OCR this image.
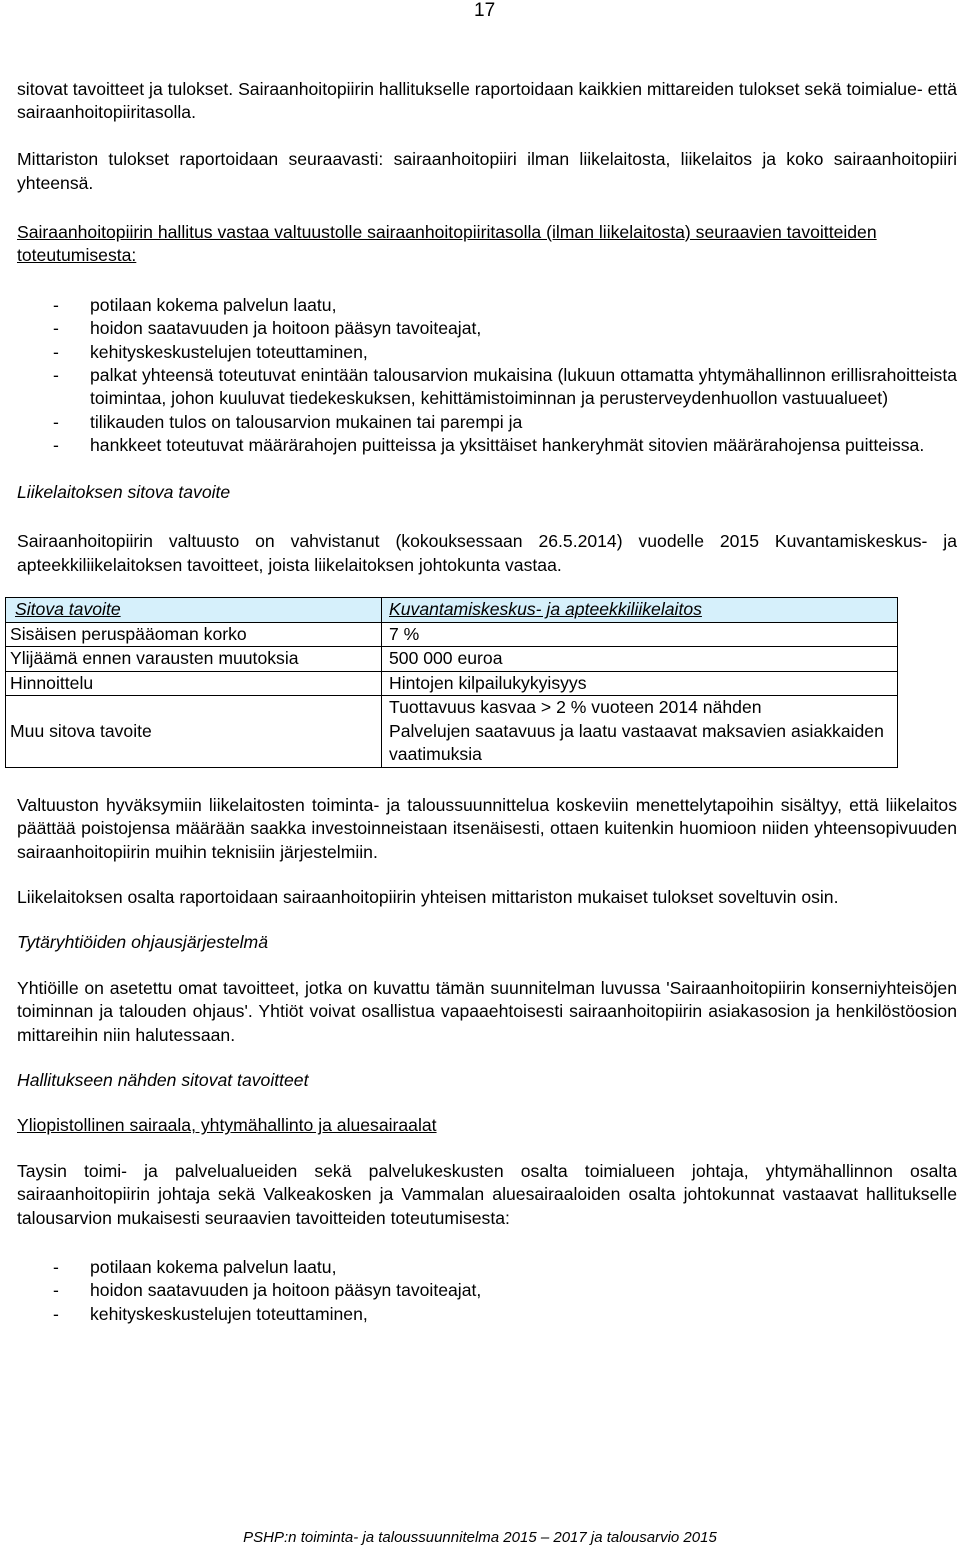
17

sitovat tavoitteet ja tulokset. Sairaanhoitopiirin hallitukselle raportoidaan kaikkien mittareiden tulokset sekä toimialue- että sairaanhoitopiiritasolla.

Mittariston tulokset raportoidaan seuraavasti: sairaanhoitopiiri ilman liikelaitosta, liikelaitos ja koko sairaanhoitopiiri yhteensä.

Sairaanhoitopiirin hallitus vastaa valtuustolle sairaanhoitopiiritasolla (ilman liikelaitosta) seuraavien tavoitteiden toteutumisesta:

- potilaan kokema palvelun laatu,
- hoidon saatavuuden ja hoitoon pääsyn tavoiteajat,
- kehityskeskustelujen toteuttaminen,
- palkat yhteensä toteutuvat enintään talousarvion mukaisina (lukuun ottamatta yhtymähallinnon erillisrahoitteista toimintaa, johon kuuluvat tiedekeskuksen, kehittämistoiminnan ja perusterveydenhuollon vastuualueet)
- tilikauden tulos on talousarvion mukainen tai parempi ja
- hankkeet toteutuvat määrärahojen puitteissa ja yksittäiset hankeryhmät sitovien määrärahojensa puitteissa.

Liikelaitoksen sitova tavoite

Sairaanhoitopiirin valtuusto on vahvistanut (kokouksessaan 26.5.2014) vuodelle 2015 Kuvantamiskeskus- ja apteekkiliikelaitoksen tavoitteet, joista liikelaitoksen johtokunta vastaa.

Sitova tavoite	Kuvantamiskeskus- ja apteekkiliikelaitos
Sisäisen peruspääoman korko	7 %
Ylijäämä ennen varausten muutoksia	500 000 euroa
Hinnoittelu	Hintojen kilpailukykyisyys
Muu sitova tavoite	Tuottavuus kasvaa > 2 % vuoteen 2014 nähden
Palvelujen saatavuus ja laatu vastaavat maksavien asiakkaiden vaatimuksia

Valtuuston hyväksymiin liikelaitosten toiminta- ja taloussuunnittelua koskeviin menettelytapoihin sisältyy, että liikelaitos päättää poistojensa määrään saakka investoinneistaan itsenäisesti, ottaen kuitenkin huomioon niiden yhteensopivuuden sairaanhoitopiirin muihin teknisiin järjestelmiin.

Liikelaitoksen osalta raportoidaan sairaanhoitopiirin yhteisen mittariston mukaiset tulokset soveltuvin osin.

Tytäryhtiöiden ohjausjärjestelmä

Yhtiöille on asetettu omat tavoitteet, jotka on kuvattu tämän suunnitelman luvussa 'Sairaanhoitopiirin konserniyhteisöjen toiminnan ja talouden ohjaus'. Yhtiöt voivat osallistua vapaaehtoisesti sairaanhoitopiirin asiakasosion ja henkilöstöosion mittareihin niin halutessaan.

Hallitukseen nähden sitovat tavoitteet

Yliopistollinen sairaala, yhtymähallinto ja aluesairaalat

Taysin toimi- ja palvelualueiden sekä palvelukeskusten osalta toimialueen johtaja, yhtymähallinnon osalta sairaanhoitopiirin johtaja sekä Valkeakosken ja Vammalan aluesairaaloiden osalta johtokunnat vastaavat hallitukselle talousarvion mukaisesti seuraavien tavoitteiden toteutumisesta:

- potilaan kokema palvelun laatu,
- hoidon saatavuuden ja hoitoon pääsyn tavoiteajat,
- kehityskeskustelujen toteuttaminen,
PSHP:n toiminta- ja taloussuunnitelma 2015 – 2017 ja talousarvio 2015
